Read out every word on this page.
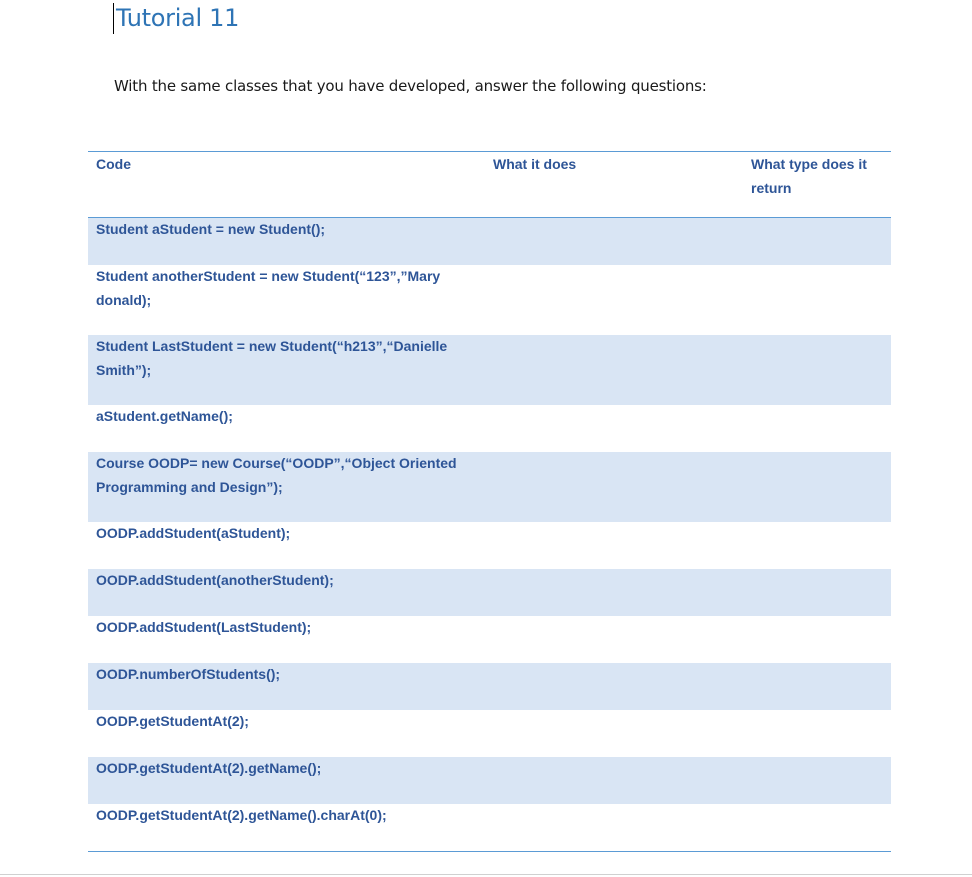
Tutorial 11

With the same classes that you have developed, answer the following questions:

Code	What it does	What type does it return
Student aStudent = new Student();		
Student anotherStudent = new Student(“123”,”Mary donald);		
Student LastStudent = new Student(“h213”,“Danielle Smith”);		
aStudent.getName();		
Course OODP= new Course(“OODP”,“Object Oriented Programming and Design”);		
OODP.addStudent(aStudent);		
OODP.addStudent(anotherStudent);		
OODP.addStudent(LastStudent);		
OODP.numberOfStudents();		
OODP.getStudentAt(2);		
OODP.getStudentAt(2).getName();		
OODP.getStudentAt(2).getName().charAt(0);		
